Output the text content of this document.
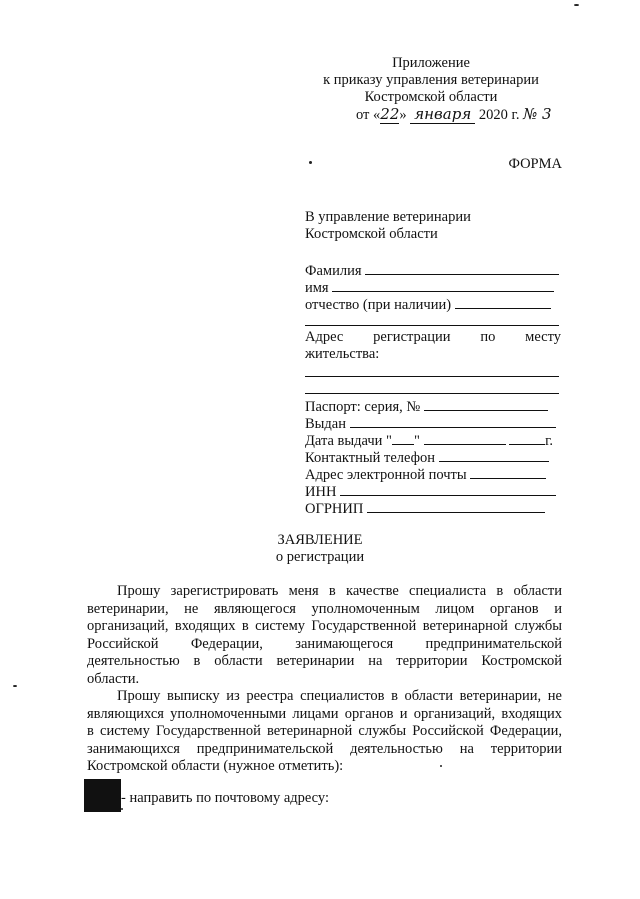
Приложение
к приказу управления ветеринарии
Костромской области
от «22» января 2020 г. № 3
ФОРМА
В управление ветеринарии
Костромской области
Фамилия
имя
отчество (при наличии)
Адрес регистрации по месту
жительства:
Паспорт: серия, №
Выдан
Дата выдачи " "	г.
Контактный телефон
Адрес электронной почты
ИНН
ОГРНИП
ЗАЯВЛЕНИЕ
о регистрации
Прошу зарегистрировать меня в качестве специалиста в области
ветеринарии, не являющегося уполномоченным лицом органов и
организаций, входящих в систему Государственной ветеринарной службы
Российской Федерации, занимающегося предпринимательской
деятельностью в области ветеринарии на территории Костромской
области.
Прошу выписку из реестра специалистов в области ветеринарии, не
являющихся уполномоченными лицами органов и организаций, входящих
в систему Государственной ветеринарной службы Российской Федерации,
занимающихся предпринимательской деятельностью на территории
Костромской области (нужное отметить):
- направить по почтовому адресу:
